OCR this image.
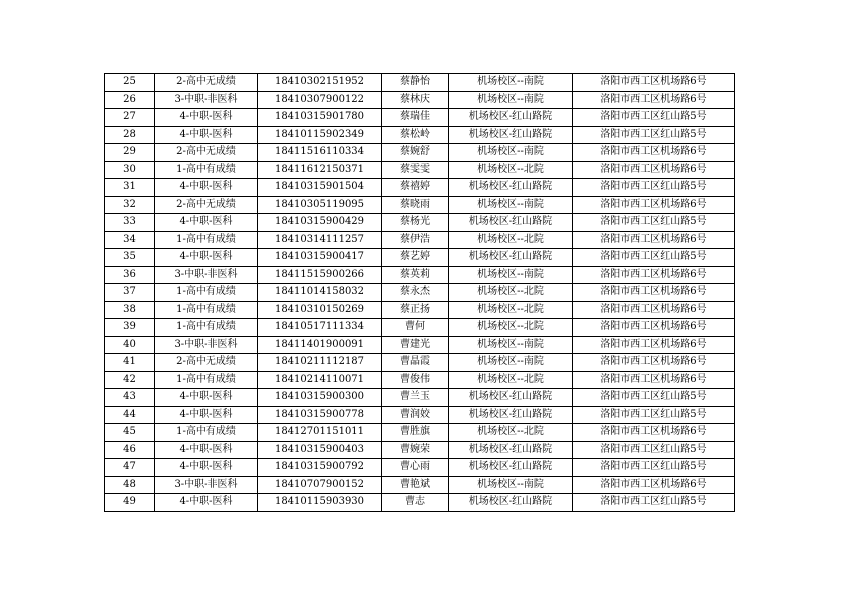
25	2-高中无成绩	18410302151952	蔡静怡	机场校区--南院	洛阳市西工区机场路6号
26	3-中职-非医科	18410307900122	蔡林庆	机场校区--南院	洛阳市西工区机场路6号
27	4-中职-医科	18410315901780	蔡瑞佳	机场校区-红山路院	洛阳市西工区红山路5号
28	4-中职-医科	18410115902349	蔡松岭	机场校区-红山路院	洛阳市西工区红山路5号
29	2-高中无成绩	18411516110334	蔡婉舒	机场校区--南院	洛阳市西工区机场路6号
30	1-高中有成绩	18411612150371	蔡雯雯	机场校区--北院	洛阳市西工区机场路6号
31	4-中职-医科	18410315901504	蔡禧婷	机场校区-红山路院	洛阳市西工区红山路5号
32	2-高中无成绩	18410305119095	蔡晓雨	机场校区--南院	洛阳市西工区机场路6号
33	4-中职-医科	18410315900429	蔡杨光	机场校区-红山路院	洛阳市西工区红山路5号
34	1-高中有成绩	18410314111257	蔡伊浩	机场校区--北院	洛阳市西工区机场路6号
35	4-中职-医科	18410315900417	蔡艺婷	机场校区-红山路院	洛阳市西工区红山路5号
36	3-中职-非医科	18411515900266	蔡英莉	机场校区--南院	洛阳市西工区机场路6号
37	1-高中有成绩	18411014158032	蔡永杰	机场校区--北院	洛阳市西工区机场路6号
38	1-高中有成绩	18410310150269	蔡正扬	机场校区--北院	洛阳市西工区机场路6号
39	1-高中有成绩	18410517111334	曹何	机场校区--北院	洛阳市西工区机场路6号
40	3-中职-非医科	18411401900091	曹建光	机场校区--南院	洛阳市西工区机场路6号
41	2-高中无成绩	18410211112187	曹晶霞	机场校区--南院	洛阳市西工区机场路6号
42	1-高中有成绩	18410214110071	曹俊伟	机场校区--北院	洛阳市西工区机场路6号
43	4-中职-医科	18410315900300	曹兰玉	机场校区-红山路院	洛阳市西工区红山路5号
44	4-中职-医科	18410315900778	曹润姣	机场校区-红山路院	洛阳市西工区红山路5号
45	1-高中有成绩	18412701151011	曹胜旗	机场校区--北院	洛阳市西工区机场路6号
46	4-中职-医科	18410315900403	曹婉荣	机场校区-红山路院	洛阳市西工区红山路5号
47	4-中职-医科	18410315900792	曹心雨	机场校区-红山路院	洛阳市西工区红山路5号
48	3-中职-非医科	18410707900152	曹艳斌	机场校区--南院	洛阳市西工区机场路6号
49	4-中职-医科	18410115903930	曹志	机场校区-红山路院	洛阳市西工区红山路5号
